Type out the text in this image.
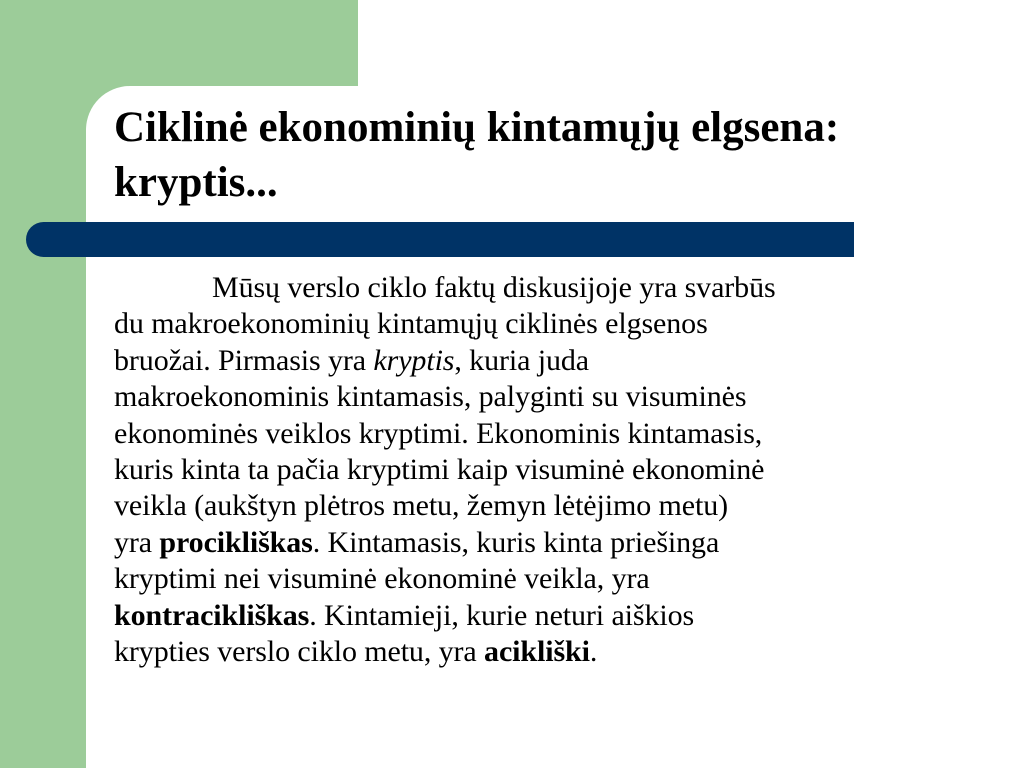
Ciklinė ekonominių kintamųjų elgsena:
kryptis...

Mūsų verslo ciklo faktų diskusijoje yra svarbūs
du makroekonominių kintamųjų ciklinės elgsenos
bruožai. Pirmasis yra kryptis, kuria juda
makroekonominis kintamasis, palyginti su visuminės
ekonominės veiklos kryptimi. Ekonominis kintamasis,
kuris kinta ta pačia kryptimi kaip visuminė ekonominė
veikla (aukštyn plėtros metu, žemyn lėtėjimo metu)
yra procikliškas. Kintamasis, kuris kinta priešinga
kryptimi nei visuminė ekonominė veikla, yra
kontracikliškas. Kintamieji, kurie neturi aiškios
krypties verslo ciklo metu, yra acikliški.
